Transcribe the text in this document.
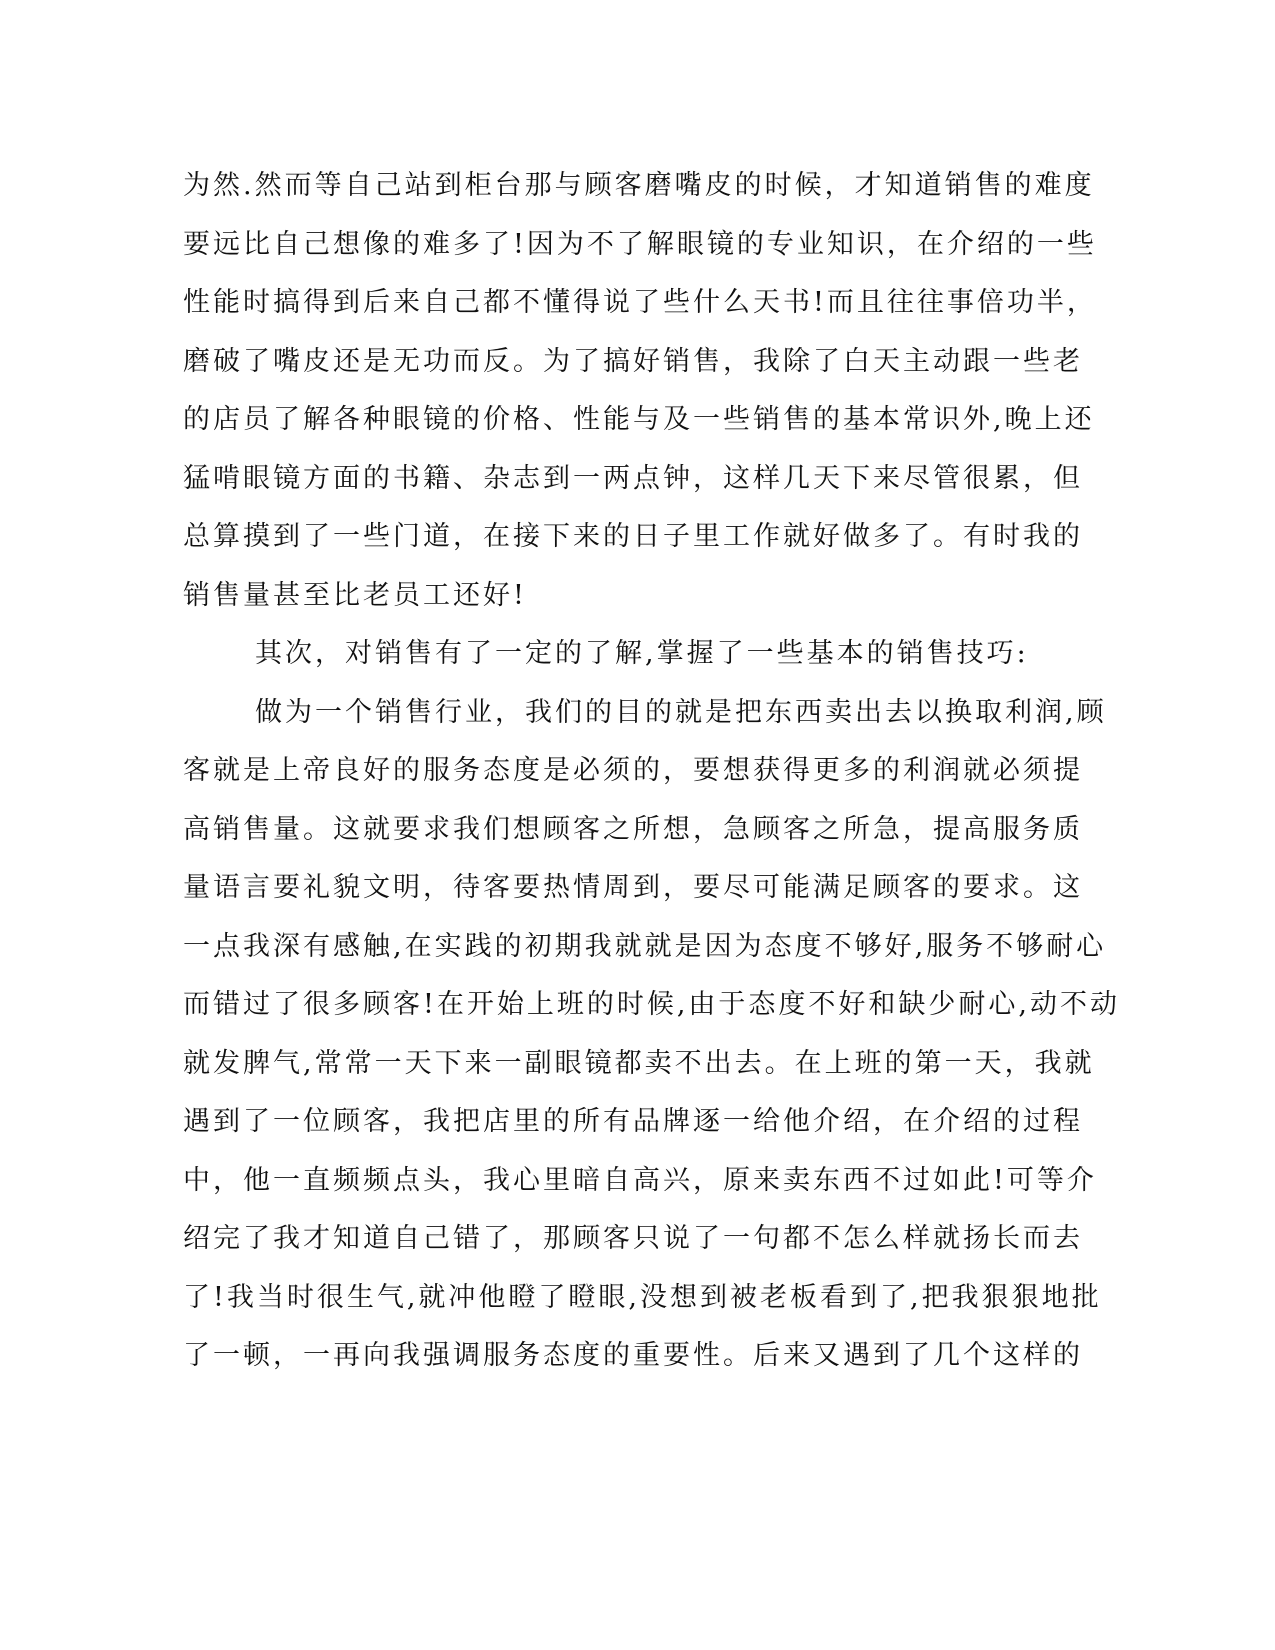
为然.然而等自己站到柜台那与顾客磨嘴皮的时候，才知道销售的难度
要远比自己想像的难多了!因为不了解眼镜的专业知识，在介绍的一些
性能时搞得到后来自己都不懂得说了些什么天书!而且往往事倍功半，
磨破了嘴皮还是无功而反。为了搞好销售，我除了白天主动跟一些老
的店员了解各种眼镜的价格、性能与及一些销售的基本常识外,晚上还
猛啃眼镜方面的书籍、杂志到一两点钟，这样几天下来尽管很累，但
总算摸到了一些门道，在接下来的日子里工作就好做多了。有时我的
销售量甚至比老员工还好!
其次，对销售有了一定的了解,掌握了一些基本的销售技巧:
做为一个销售行业，我们的目的就是把东西卖出去以换取利润,顾
客就是上帝良好的服务态度是必须的，要想获得更多的利润就必须提
高销售量。这就要求我们想顾客之所想，急顾客之所急，提高服务质
量语言要礼貌文明，待客要热情周到，要尽可能满足顾客的要求。这
一点我深有感触,在实践的初期我就就是因为态度不够好,服务不够耐心
而错过了很多顾客!在开始上班的时候,由于态度不好和缺少耐心,动不动
就发脾气,常常一天下来一副眼镜都卖不出去。在上班的第一天，我就
遇到了一位顾客，我把店里的所有品牌逐一给他介绍，在介绍的过程
中，他一直频频点头，我心里暗自高兴，原来卖东西不过如此!可等介
绍完了我才知道自己错了，那顾客只说了一句都不怎么样就扬长而去
了!我当时很生气,就冲他瞪了瞪眼,没想到被老板看到了,把我狠狠地批
了一顿，一再向我强调服务态度的重要性。后来又遇到了几个这样的
